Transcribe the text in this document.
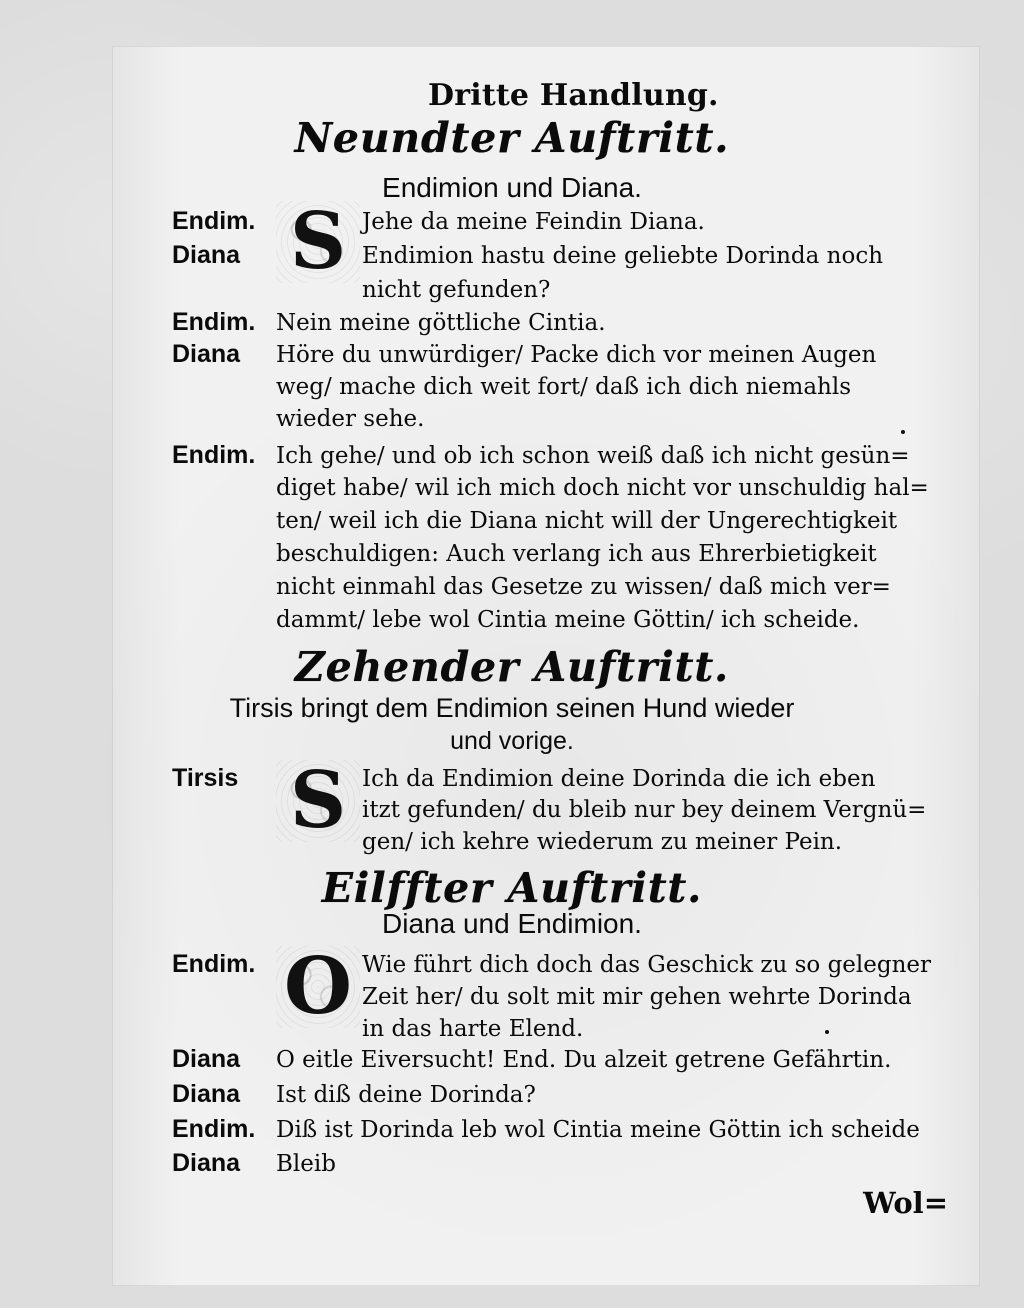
Dritte Handlung.
Neundter Auftritt.
Endimion und Diana.
S
Endim.	Jehe da meine Feindin Diana.
Diana	Endimion hastu deine geliebte Dorinda noch
nicht gefunden?
Endim. Nein meine göttliche Cintia.
Diana	Höre du unwürdiger/ Packe dich vor meinen Augen
weg/ mache dich weit fort/ daß ich dich niemahls
wieder sehe.
Endim. Ich gehe/ und ob ich schon weiß daß ich nicht gesün=
diget habe/ wil ich mich doch nicht vor unschuldig hal=
ten/ weil ich die Diana nicht will der Ungerechtigkeit
beschuldigen: Auch verlang ich aus Ehrerbietigkeit
nicht einmahl das Gesetze zu wissen/ daß mich ver=
dammt/ lebe wol Cintia meine Göttin/ ich scheide.
Zehender Auftritt.
Tirsis bringt dem Endimion seinen Hund wieder
und vorige.
S
Tirsis	Ich da Endimion deine Dorinda die ich eben
itzt gefunden/ du bleib nur bey deinem Vergnü=
gen/ ich kehre wiederum zu meiner Pein.
Eilffter Auftritt.
Diana und Endimion.
O
Endim.	Wie führt dich doch das Geschick zu so gelegner
Zeit her/ du solt mit mir gehen wehrte Dorinda
in das harte Elend.
Diana	O eitle Eiversucht! End. Du alzeit getrene Gefährtin.
Diana	Ist diß deine Dorinda?
Endim. Diß ist Dorinda leb wol Cintia meine Göttin ich scheide
Diana	Bleib
Wol=
